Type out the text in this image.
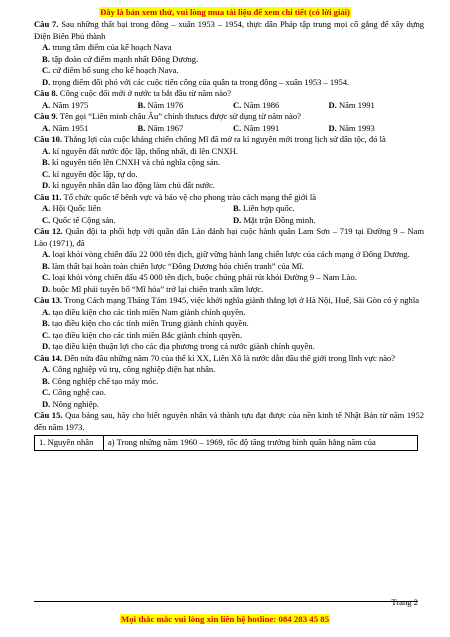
Đây là bản xem thử, vui lòng mua tài liệu để xem chi tiết (có lời giải)

Câu 7. Sau những thất bại trong đông – xuân 1953 – 1954, thực dân Pháp tập trung mọi cố gắng để xây dựng Điện Biên Phủ thành

A. trung tâm điểm của kế hoạch Nava

B. tập đoàn cứ điểm mạnh nhất Đông Dương.

C. cứ điểm bổ sung cho kế hoạch Nava.

D. trọng điểm đối phó với các cuộc tiến công của quân ta trong đông – xuân 1953 – 1954.

Câu 8. Công cuộc đổi mới ở nước ta bắt đầu từ năm nào?

A. Năm 1975	B. Năm 1976	C. Năm 1986	D. Năm 1991

Câu 9. Tên gọi “Liên minh châu Âu” chính thưucs được sử dụng từ năm nào?

A. Năm 1951	B. Năm 1967	C. Năm 1991	D. Năm 1993

Câu 10. Thắng lợi của cuộc kháng chiến chống Mĩ đã mở ra kỉ nguyên mới trong lịch sử dân tộc, đó là

A. kỉ nguyên đất nước độc lập, thống nhất, đi lên CNXH.

B. kỉ nguyên tiến lên CNXH và chủ nghĩa cộng sản.

C. kỉ nguyên độc lập, tự do.

D. kỉ nguyên nhân dân lao động làm chủ đất nước.

Câu 11. Tổ chức quốc tế bênh vực và bảo vệ cho phong trào cách mạng thế giới là

A. Hội Quốc liên	B. Liên hợp quốc.
C. Quốc tế Cộng sản.	D. Mặt trận Đồng minh.

Câu 12. Quân đội ta phối hợp với quân dân Lào đánh bại cuộc hành quân Lam Sơn – 719 tại Đường 9 – Nam Lào (1971), đã

A. loại khỏi vòng chiến đấu 22 000 tên địch, giữ vững hành lang chiến lược của cách mạng ở Đông Dương.

B. làm thất bại hoàn toàn chiến lược “Đông Dương hóa chiến tranh” của Mĩ.

C. loại khỏi vòng chiến đấu 45 000 tên địch, buộc chúng phải rút khỏi Đường 9 – Nam Lào.

D. buộc Mĩ phải tuyên bố “Mĩ hóa” trở lại chiến tranh xâm lược.

Câu 13. Trong Cách mạng Tháng Tám 1945, việc khởi nghĩa giành thắng lợi ở Hà Nội, Huế, Sài Gòn có ý nghĩa

A. tạo điều kiện cho các tỉnh miền Nam giành chính quyền.

B. tạo điều kiện cho các tỉnh miền Trung giành chính quyền.

C. tạo điều kiện cho các tỉnh miền Bắc giành chính quyền.

D. tạo điều kiện thuận lợi cho các địa phương trong cả nước giành chính quyền.

Câu 14. Đến nửa đầu những năm 70 của thế kỉ XX, Liên Xô là nước dẫn đầu thế giới trong lĩnh vực nào?

A. Công nghiệp vũ trụ, công nghiệp điện hạt nhân.

B. Công nghiệp chế tạo máy móc.

C. Công nghệ cao.

D. Nông nghiệp.

Câu 15. Qua bảng sau, hãy cho biết nguyên nhân và thành tựu đạt được của nền kinh tế Nhật Bản từ năm 1952 đến năm 1973.

1. Nguyên nhân	a) Trong những năm 1960 – 1969, tốc độ tăng trưởng bình quân hằng năm của
Trang 2
Mọi thắc mắc vui lòng xin liên hệ hotline: 084 283 45 85
